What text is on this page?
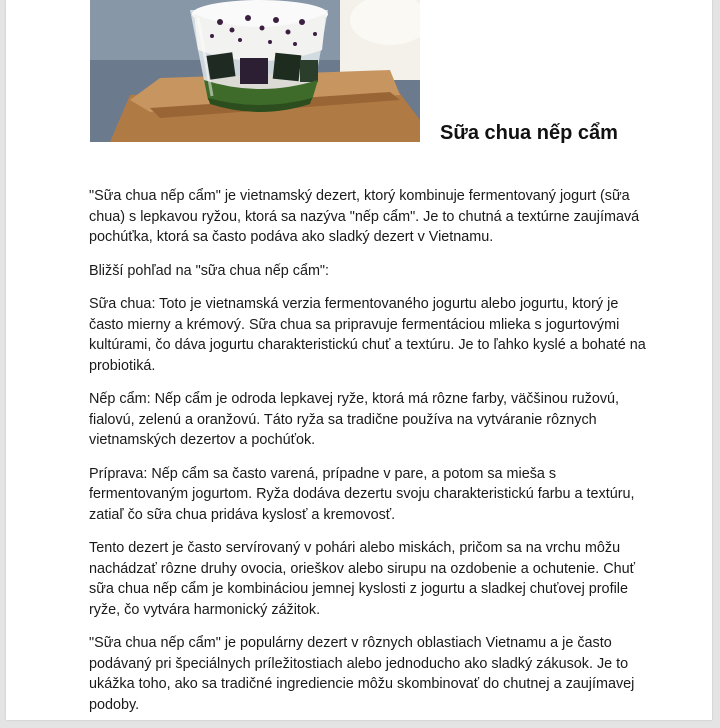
Sữa chua nếp cẩm

"Sữa chua nếp cẩm" je vietnamský dezert, ktorý kombinuje fermentovaný jogurt (sữa chua) s lepkavou ryžou, ktorá sa nazýva "nếp cẩm". Je to chutná a textúrne zaujímavá pochúťka, ktorá sa často podáva ako sladký dezert v Vietnamu.

Bližší pohľad na "sữa chua nếp cẩm":

Sữa chua: Toto je vietnamská verzia fermentovaného jogurtu alebo jogurtu, ktorý je často mierny a krémový. Sữa chua sa pripravuje fermentáciou mlieka s jogurtovými kultúrami, čo dáva jogurtu charakteristickú chuť a textúru. Je to ľahko kyslé a bohaté na probiotiká.

Nếp cẩm: Nếp cẩm je odroda lepkavej ryže, ktorá má rôzne farby, väčšinou ružovú, fialovú, zelenú a oranžovú. Táto ryža sa tradične používa na vytváranie rôznych vietnamských dezertov a pochúťok.

Príprava: Nếp cẩm sa často varená, prípadne v pare, a potom sa mieša s fermentovaným jogurtom. Ryža dodáva dezertu svoju charakteristickú farbu a textúru, zatiaľ čo sữa chua pridáva kyslosť a kremovosť.

Tento dezert je často servírovaný v pohári alebo miskách, pričom sa na vrchu môžu nachádzať rôzne druhy ovocia, orieškov alebo sirupu na ozdobenie a ochutenie. Chuť sữa chua nếp cẩm je kombináciou jemnej kyslosti z jogurtu a sladkej chuťovej profile ryže, čo vytvára harmonický zážitok.

"Sữa chua nếp cẩm" je populárny dezert v rôznych oblastiach Vietnamu a je často podávaný pri špeciálnych príležitostiach alebo jednoducho ako sladký zákusok. Je to ukážka toho, ako sa tradičné ingrediencie môžu skombinovať do chutnej a zaujímavej podoby.
